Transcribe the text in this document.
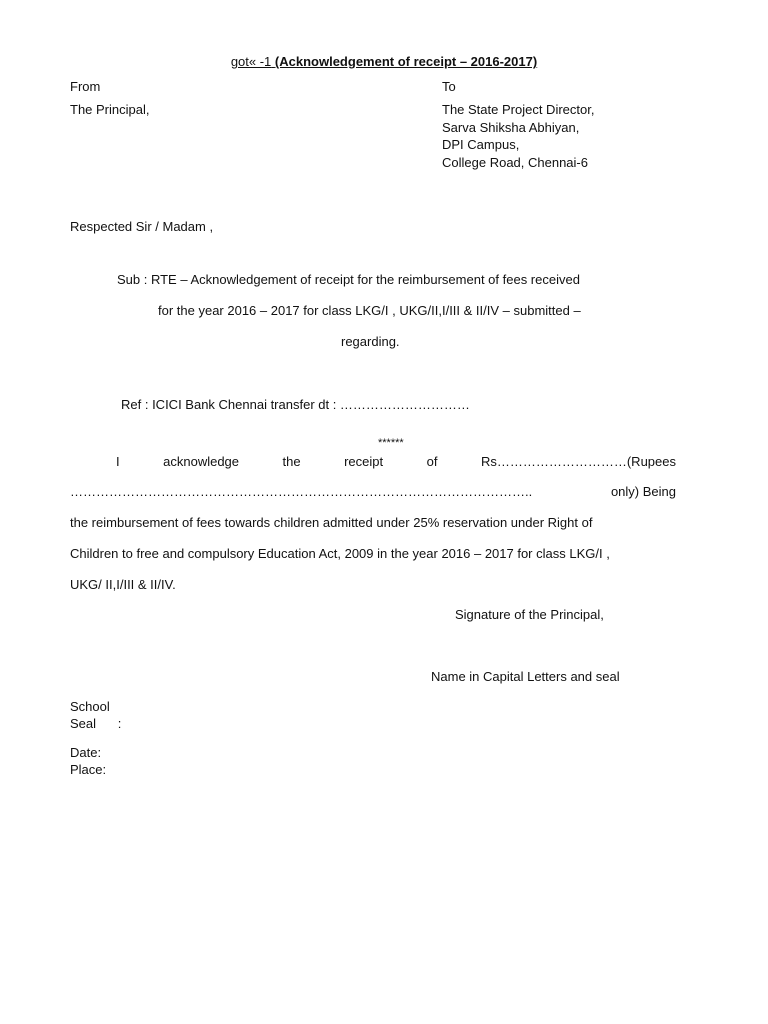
got« -1 (Acknowledgement of receipt – 2016-2017)
From
The Principal,
To
The State Project Director,
Sarva Shiksha Abhiyan,
DPI Campus,
College Road, Chennai-6
Respected Sir / Madam ,
Sub : RTE – Acknowledgement of receipt for the reimbursement of fees received
for the year 2016 – 2017 for class LKG/I , UKG/II,I/III & II/IV – submitted –
regarding.
Ref : ICICI Bank Chennai transfer dt : …………………………
******
I	acknowledge	the	receipt	of	Rs…………………………(Rupees
……………………………………………………………………………………………..	only) Being
the reimbursement of fees towards children admitted under 25% reservation under Right of
Children to free and compulsory Education Act, 2009 in the year 2016 – 2017 for class LKG/I ,
UKG/ II,I/III & II/IV.
Signature of the Principal,
Name in Capital Letters and seal
School
Seal      :
Date:
Place:
